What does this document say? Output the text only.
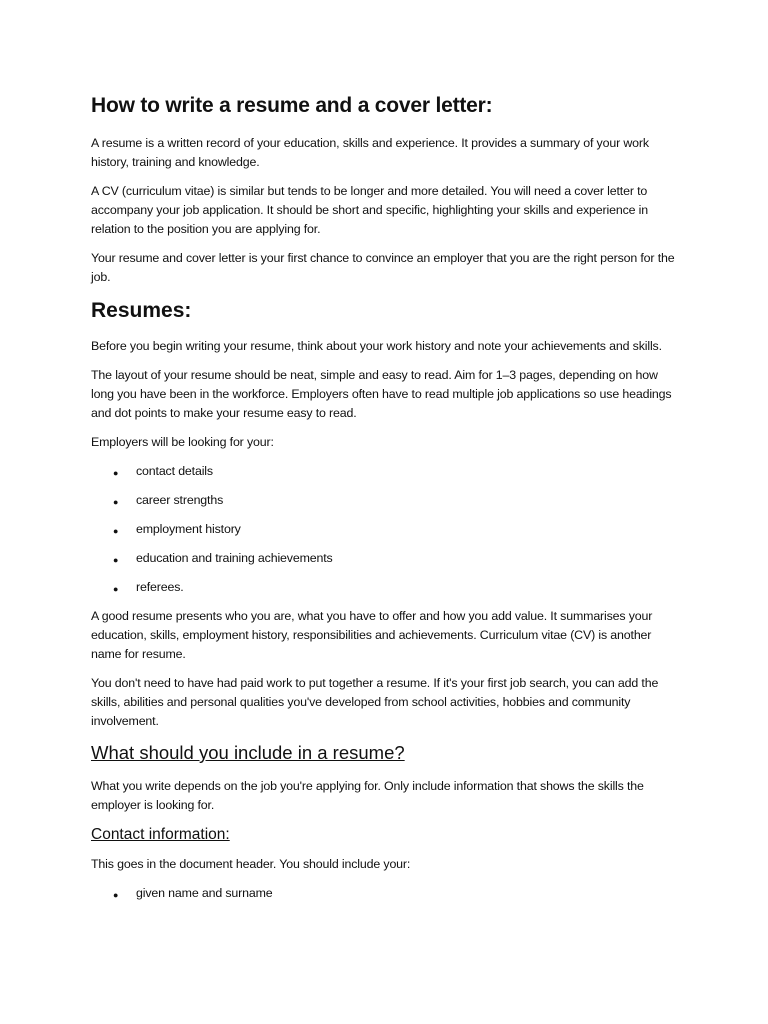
How to write a resume and a cover letter:

A resume is a written record of your education, skills and experience. It provides a summary of your work history, training and knowledge.

A CV (curriculum vitae) is similar but tends to be longer and more detailed. You will need a cover letter to accompany your job application. It should be short and specific, highlighting your skills and experience in relation to the position you are applying for.

Your resume and cover letter is your first chance to convince an employer that you are the right person for the job.

Resumes:

Before you begin writing your resume, think about your work history and note your achievements and skills.

The layout of your resume should be neat, simple and easy to read. Aim for 1–3 pages, depending on how long you have been in the workforce. Employers often have to read multiple job applications so use headings and dot points to make your resume easy to read.

Employers will be looking for your:

● contact details
● career strengths
● employment history
● education and training achievements
● referees.

A good resume presents who you are, what you have to offer and how you add value. It summarises your education, skills, employment history, responsibilities and achievements. Curriculum vitae (CV) is another name for resume.

You don't need to have had paid work to put together a resume. If it's your first job search, you can add the skills, abilities and personal qualities you've developed from school activities, hobbies and community involvement.

What should you include in a resume?

What you write depends on the job you're applying for. Only include information that shows the skills the employer is looking for.

Contact information:

This goes in the document header. You should include your:

● given name and surname
